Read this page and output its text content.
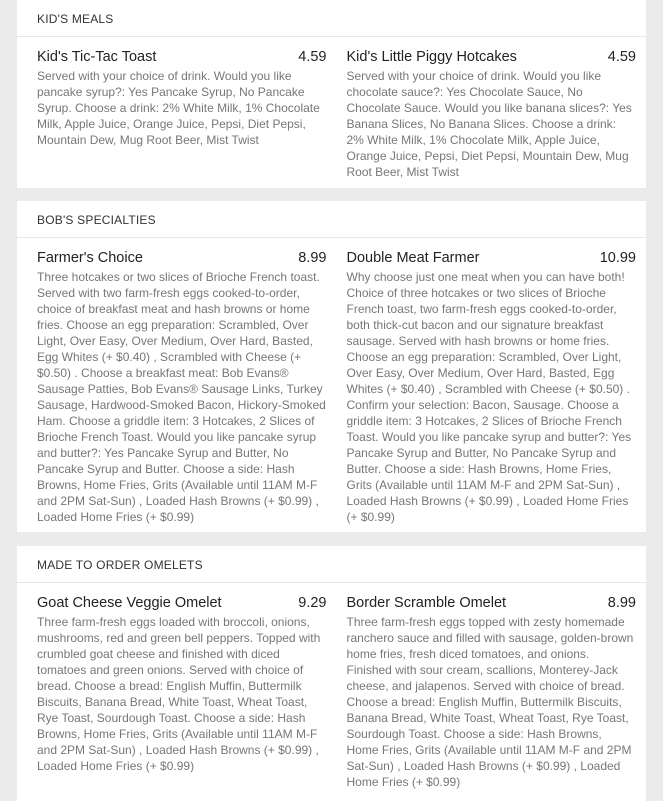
KID'S MEALS
Kid's Tic-Tac Toast	4.59
Served with your choice of drink. Would you like pancake syrup?: Yes Pancake Syrup, No Pancake Syrup. Choose a drink: 2% White Milk, 1% Chocolate Milk, Apple Juice, Orange Juice, Pepsi, Diet Pepsi, Mountain Dew, Mug Root Beer, Mist Twist
Kid's Little Piggy Hotcakes	4.59
Served with your choice of drink. Would you like chocolate sauce?: Yes Chocolate Sauce, No Chocolate Sauce. Would you like banana slices?: Yes Banana Slices, No Banana Slices. Choose a drink: 2% White Milk, 1% Chocolate Milk, Apple Juice, Orange Juice, Pepsi, Diet Pepsi, Mountain Dew, Mug Root Beer, Mist Twist
BOB'S SPECIALTIES
Farmer's Choice	8.99
Three hotcakes or two slices of Brioche French toast. Served with two farm-fresh eggs cooked-to-order, choice of breakfast meat and hash browns or home fries. Choose an egg preparation: Scrambled, Over Light, Over Easy, Over Medium, Over Hard, Basted, Egg Whites (+ $0.40) , Scrambled with Cheese (+ $0.50) . Choose a breakfast meat: Bob Evans® Sausage Patties, Bob Evans® Sausage Links, Turkey Sausage, Hardwood-Smoked Bacon, Hickory-Smoked Ham. Choose a griddle item: 3 Hotcakes, 2 Slices of Brioche French Toast. Would you like pancake syrup and butter?: Yes Pancake Syrup and Butter, No Pancake Syrup and Butter. Choose a side: Hash Browns, Home Fries, Grits (Available until 11AM M-F and 2PM Sat-Sun) , Loaded Hash Browns (+ $0.99) , Loaded Home Fries (+ $0.99)
Double Meat Farmer	10.99
Why choose just one meat when you can have both! Choice of three hotcakes or two slices of Brioche French toast, two farm-fresh eggs cooked-to-order, both thick-cut bacon and our signature breakfast sausage. Served with hash browns or home fries. Choose an egg preparation: Scrambled, Over Light, Over Easy, Over Medium, Over Hard, Basted, Egg Whites (+ $0.40) , Scrambled with Cheese (+ $0.50) . Confirm your selection: Bacon, Sausage. Choose a griddle item: 3 Hotcakes, 2 Slices of Brioche French Toast. Would you like pancake syrup and butter?: Yes Pancake Syrup and Butter, No Pancake Syrup and Butter. Choose a side: Hash Browns, Home Fries, Grits (Available until 11AM M-F and 2PM Sat-Sun) , Loaded Hash Browns (+ $0.99) , Loaded Home Fries (+ $0.99)
MADE TO ORDER OMELETS
Goat Cheese Veggie Omelet	9.29
Three farm-fresh eggs loaded with broccoli, onions, mushrooms, red and green bell peppers. Topped with crumbled goat cheese and finished with diced tomatoes and green onions. Served with choice of bread. Choose a bread: English Muffin, Buttermilk Biscuits, Banana Bread, White Toast, Wheat Toast, Rye Toast, Sourdough Toast. Choose a side: Hash Browns, Home Fries, Grits (Available until 11AM M-F and 2PM Sat-Sun) , Loaded Hash Browns (+ $0.99) , Loaded Home Fries (+ $0.99)
Border Scramble Omelet	8.99
Three farm-fresh eggs topped with zesty homemade ranchero sauce and filled with sausage, golden-brown home fries, fresh diced tomatoes, and onions. Finished with sour cream, scallions, Monterey-Jack cheese, and jalapenos. Served with choice of bread. Choose a bread: English Muffin, Buttermilk Biscuits, Banana Bread, White Toast, Wheat Toast, Rye Toast, Sourdough Toast. Choose a side: Hash Browns, Home Fries, Grits (Available until 11AM M-F and 2PM Sat-Sun) , Loaded Hash Browns (+ $0.99) , Loaded Home Fries (+ $0.99)
